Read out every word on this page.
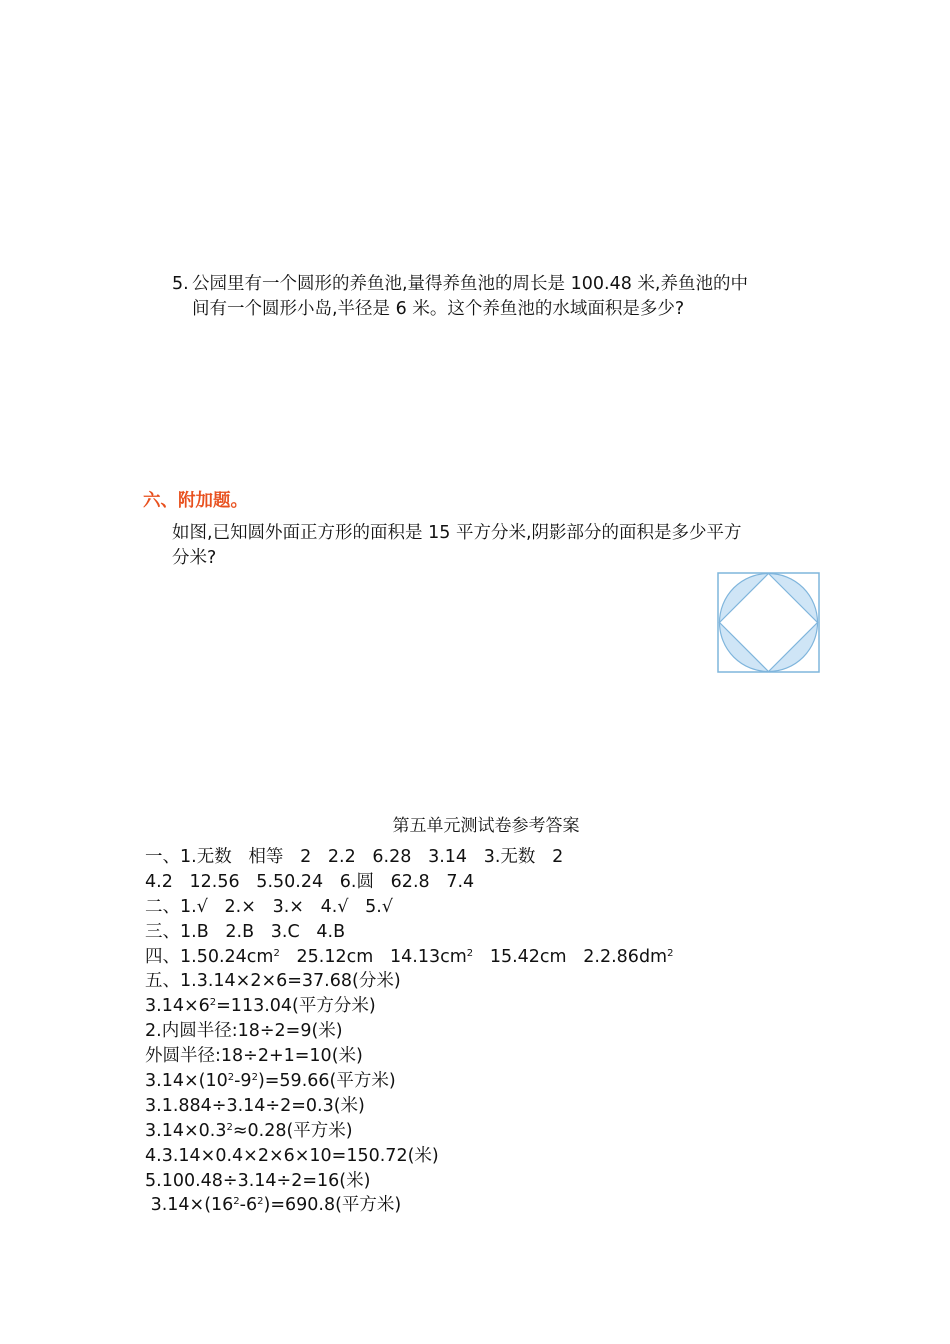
5. 公园里有一个圆形的养鱼池,量得养鱼池的周长是 100.48 米,养鱼池的中
间有一个圆形小岛,半径是 6 米。这个养鱼池的水域面积是多少?
六、附加题。
如图,已知圆外面正方形的面积是 15 平方分米,阴影部分的面积是多少平方
分米?
第五单元测试卷参考答案
一、1.无数   相等   2   2.2   6.28   3.14   3.无数   2
4.2   12.56   5.50.24   6.圆   62.8   7.4
二、1.√   2.×   3.×   4.√   5.√
三、1.B   2.B   3.C   4.B
四、$1.50.24cm^2$   25.12cm   $14.13cm^2$   15.42cm   $2.2.86dm^2$
五、1.3.14×2×6=37.68(分米)
$3.14\times 6^2=113.04$(平方分米)
2.内圆半径:18÷2=9(米)
外圆半径:18÷2+1=10(米)
$3.14\times(10^2-9^2)=59.66$(平方米)
3.1.884÷3.14÷2=0.3(米)
$3.14\times 0.3^2\approx 0.28$(平方米)
4.3.14×0.4×2×6×10=150.72(米)
5.100.48÷3.14÷2=16(米)
$3.14\times(16^2-6^2)=690.8$(平方米)
